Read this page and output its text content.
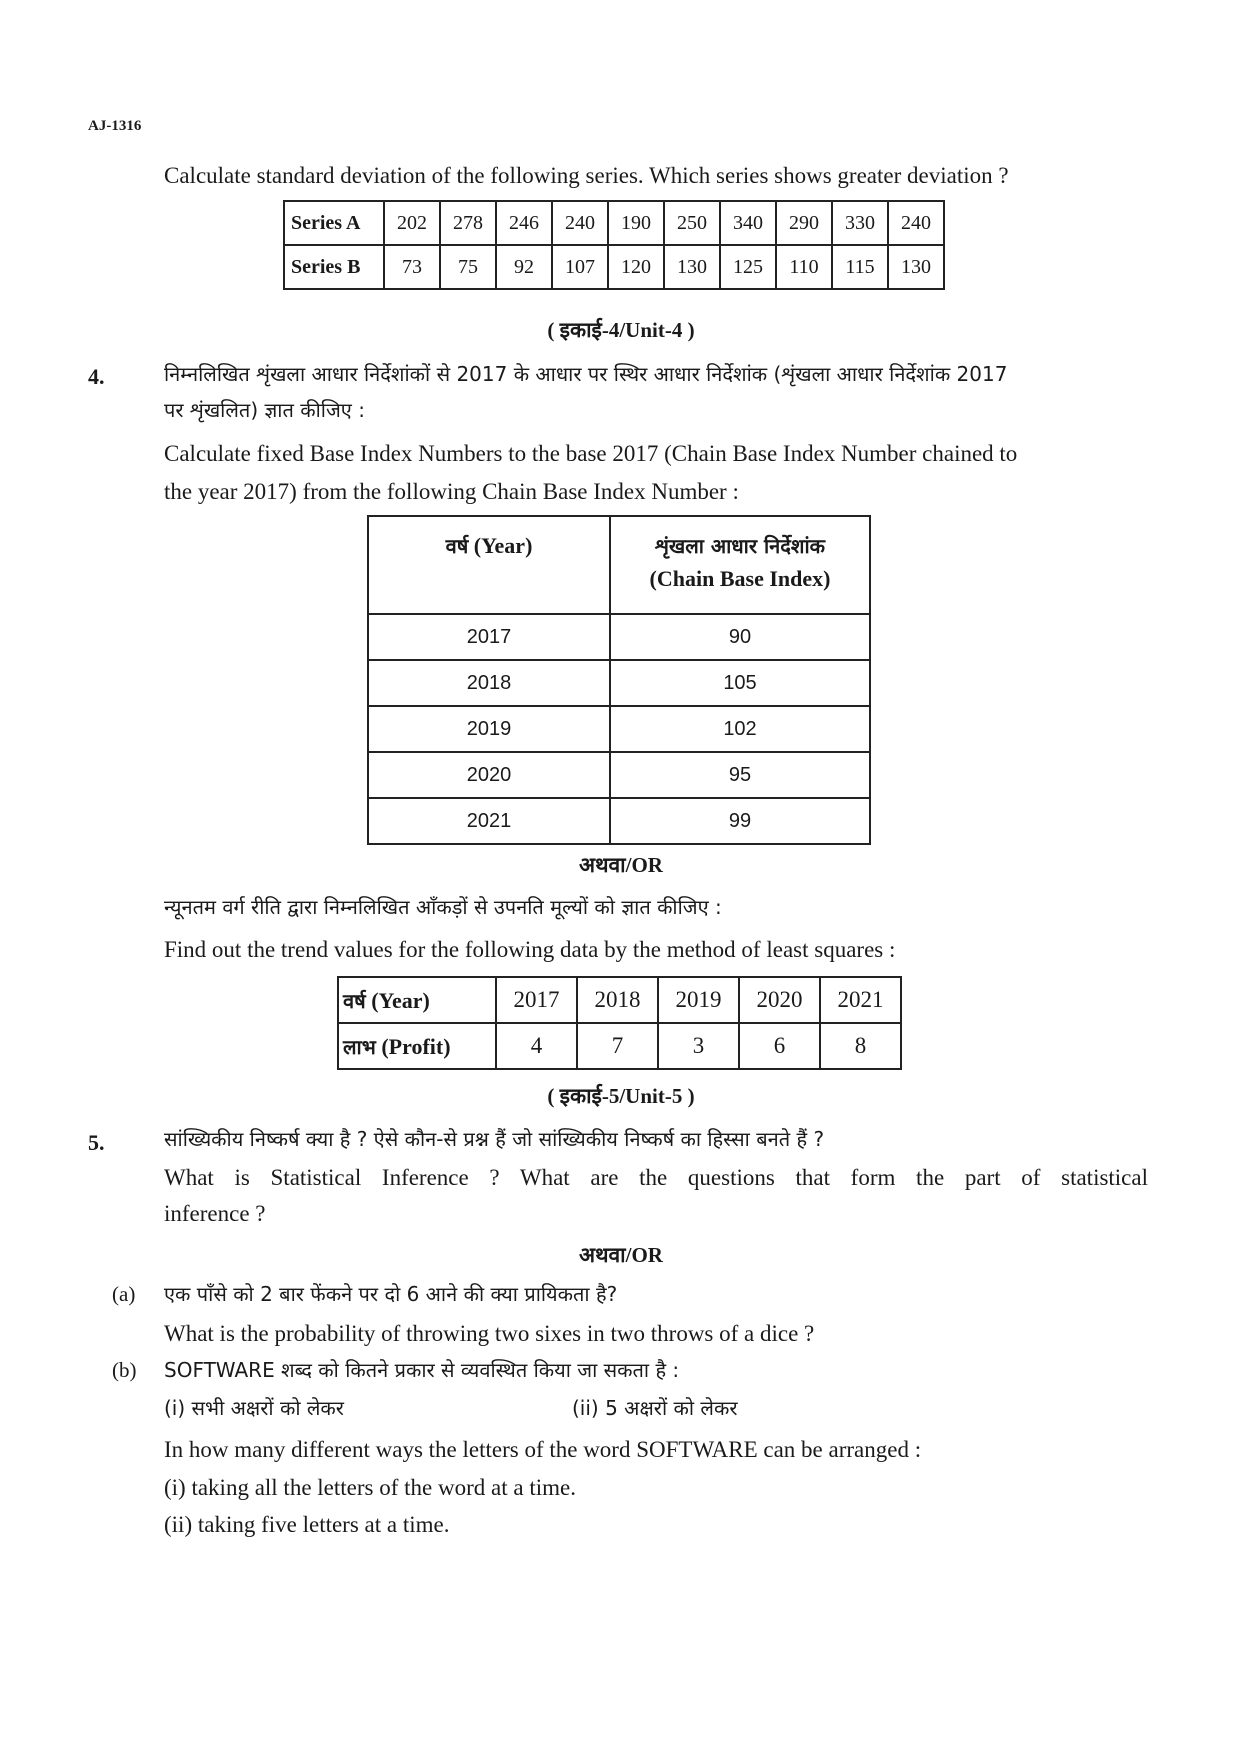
AJ-1316
Calculate standard deviation of the following series. Which series shows greater deviation ?
Series A	202	278	246	240	190	250	340	290	330	240
Series B	73	75	92	107	120	130	125	110	115	130
( इकाई-4/Unit-4 )
4.	निम्नलिखित शृंखला आधार निर्देशांकों से 2017 के आधार पर स्थिर आधार निर्देशांक (शृंखला आधार निर्देशांक 2017
पर शृंखलित) ज्ञात कीजिए :
Calculate fixed Base Index Numbers to the base 2017 (Chain Base Index Number chained to
the year 2017) from the following Chain Base Index Number :
वर्ष (Year)	शृंखला आधार निर्देशांक
(Chain Base Index)
2017	90
2018	105
2019	102
2020	95
2021	99
अथवा/OR
न्यूनतम वर्ग रीति द्वारा निम्नलिखित आँकड़ों से उपनति मूल्यों को ज्ञात कीजिए :
Find out the trend values for the following data by the method of least squares :
वर्ष (Year)	2017	2018	2019	2020	2021
लाभ (Profit)	4	7	3	6	8
( इकाई-5/Unit-5 )
5.	सांख्यिकीय निष्कर्ष क्या है ? ऐसे कौन-से प्रश्न हैं जो सांख्यिकीय निष्कर्ष का हिस्सा बनते हैं ?
What is Statistical Inference ? What are the questions that form the part of statistical
inference ?
अथवा/OR
(a) एक पाँसे को 2 बार फेंकने पर दो 6 आने की क्या प्रायिकता है?
What is the probability of throwing two sixes in two throws of a dice ?
(b) SOFTWARE शब्द को कितने प्रकार से व्यवस्थित किया जा सकता है :
(i) सभी अक्षरों को लेकर	(ii) 5 अक्षरों को लेकर
In how many different ways the letters of the word SOFTWARE can be arranged :
(i) taking all the letters of the word at a time.
(ii) taking five letters at a time.
